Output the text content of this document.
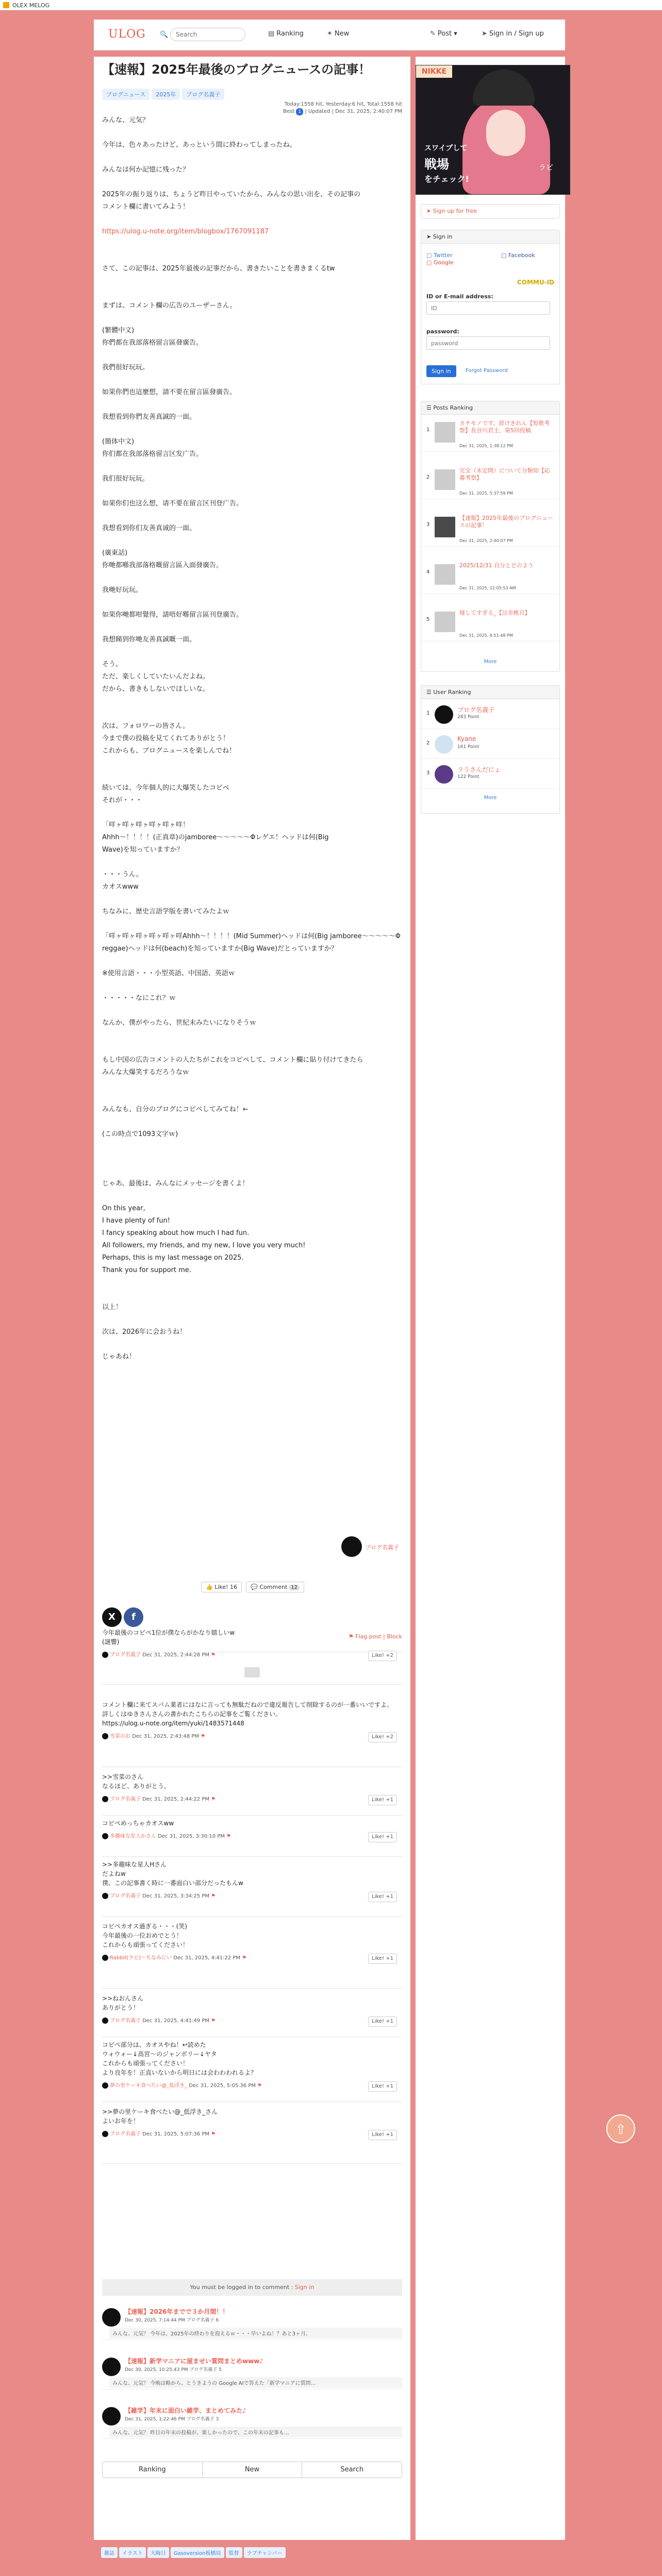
OLEX MELOG
ULOG 🔍
Search	▤ Ranking	✶ New	✎ Post ▾	➤ Sign in / Sign up
【速報】2025年最後のブログニュースの記事！
ブログニュース 2025年 ブログ名義子
Today:1558 hit, Yesterday:6 hit, Total:1558 hit
Best 1 | Updated | Dec 31, 2025, 2:40:07 PM

みんな、元気？

今年は、色々あったけど、あっという間に終わってしまったね。

みんなは何か記憶に残った？

2025年の振り返りは、ちょうど昨日やっていたから、みんなの思い出を、その記事の

コメント欄に書いてみよう！

https://ulog.u-note.org/item/blogbox/1767091187

さて、この記事は、2025年最後の記事だから、書きたいことを書きまくるtw

まずは、コメント欄の広告のユーザーさん。

(繁體中文)

你們都在我部落格留言區發廣告。

我們很好玩玩。

如果你們也這麼想，請不要在留言區發廣告。

我想看到你們友善真誠的一面。

(簡体中文)

你们都在我部落格留言区发广告。

我们很好玩玩。

如果你们也这么想，请不要在留言区刊登广告。

我想看到你们友善真诚的一面。

(廣東話)

你哋都喺我部落格嘅留言區入面發廣告。

我哋好玩玩。

如果你哋都咁覺得，請唔好喺留言區刊登廣告。

我想睇到你哋友善真誠嘅一面。

そう。

ただ、楽しくしていたいんだよね。

だから、書きもしないでほしいな。

次は、フォロワーの皆さん。

今まで僕の投稿を見てくれてありがとう！

これからも、ブログニュースを楽しんでね！

続いては、今年個人的に大爆笑したコピペ

それが・・・

「咩ヶ咩ヶ咩ヶ咩ヶ咩ヶ咩！

Ahhh〜！！！！(正真章)のjamboree〜〜〜〜〜Φレゲエ！ヘッドは何(Big

Wave)を知っていますか？

・・・うん。

カオスwww

ちなみに、歴史言語学版を書いてみたよｗ

「咩ヶ咩ヶ咩ヶ咩ヶ咩ヶ咩Ahhh〜！！！！(Mid Summer)ヘッドは何(Big jamboree〜〜〜〜〜Φ

reggae)ヘッドは何(beach)を知っていますか(Big Wave)だとっていますか？

※使用言語・・・小型英語、中国語、英語ｗ

・・・・・なにこれ？ｗ

なんか、僕がやったら、世紀末みたいになりそうｗ

もし中国の広告コメントの人たちがこれをコピペして、コメント欄に貼り付けてきたら

みんな大爆笑するだろうなｗ

みんなも、自分のブログにコピペしてみてね！←

(この時点で1093文字ｗ)

じゃあ、最後は、みんなにメッセージを書くよ！

On this year,

I have plenty of fun!

I fancy speaking about how much I had fun.

All followers, my friends, and my new, I love you very much!

Perhaps, this is my last message on 2025.

Thank you for support me.

以上！

次は、2026年に会おうね！

じゃあね！

ブログ名義子
👍 Like! 16 💬 Comment 12
X f
⚑ Flag post | Block
今年最後のコピペ1位が僕ならがかなり嬉しいw
(謎響)
ブログ名義子 Dec 31, 2025, 2:44:28 PM ⚑	Like! +2
コメント欄に来てスパム業者にはなに言っても無駄だねので違反報告して削除するのが一番いいですよ。
詳しくはゆきさんさんの書かれたこちらの記事をご覧ください。
https://ulog.u-note.org/item/yuki/1483571448
雪菜のお Dec 31, 2025, 2:43:48 PM ⚑	Like! +2
>>雪菜のさん
なるほど、ありがとう。
ブログ名義子 Dec 31, 2025, 2:44:22 PM ⚑	Like! +1
コピペめっちゃカオスww
多趣味な星人かさん Dec 31, 2025, 3:30:10 PM ⚑	Like! +1
>>多趣味な星人Hさん
だよねw
僕、この記事書く時に一番面白い部分だったもんw
ブログ名義子 Dec 31, 2025, 3:34:25 PM ⚑	Like! +1
コピペカオス過ぎる・・・(笑)
今年最後の一位おめでとう！
これからも頑張ってください！
Rabbit(ラビ)〜ちなみにい Dec 31, 2025, 4:41:22 PM ⚑	Like! +1
>>ねおんさん
ありがとう！
ブログ名義子 Dec 31, 2025, 4:41:49 PM ⚑	Like! +1
コピペ部分は、カオスやね！↩読めた
ウォウォー↓高宮〜のジャンボリー↓ヤタ
これからも頑張ってください！
より良年を！正直いないから明日には会わわわれるよ？
夢の里ケーキ食べたい@_低浮き_ Dec 31, 2025, 5:05:36 PM ⚑	Like! +1
>>夢の里ケーキ食べたい@_低浮き_さん
よいお年を！
ブログ名義子 Dec 31, 2025, 5:07:36 PM ⚑	Like! +1
You must be logged in to comment : Sign in
【速報】2026年までで３か月間！！
Dec 30, 2025, 7:14:44 PM ブログ名義子 6
みんな、元気？ 今年は、2025年の終わりを迎えるｗ・・・早いよね！？あと3ヶ月、
【速報】新学マニアに屋ませい質問まとめwww♪
Dec 30, 2025, 10:25:43 PM ブログ名義子 5
みんな、元気？ 今晩は略から、とうきようの Google AIで答えた「新学マニアに質問...
【雑学】年末に面白い雑学、まとめてみた♪
Dec 31, 2025, 1:22:46 PM ブログ名義子 3
みんな、元気？ 昨日の年末の投稿が、楽しかったので、この年末の記事も...
Ranking	New	Search
NIKKE
スワイプして
戦場
をチェック!
ラピ
➤ Sign up for free
➤ Sign in
▢ Twitter
▢ Google
▢ Facebook
COMMU-ID
ID or E-mail address:
ID
password:
password
Sign in	Forgot Password
☰ Posts Ranking
1
カチモノです。辞けきれん【短歌考察】長谷川君主、第5回投稿
Dec 31, 2025, 1:38:12 PM
2
完全（未定問）について分類知【応募考察】
Dec 31, 2025, 5:37:59 PM
3
【速報】2025年最後のブログニュースの記事！
Dec 31, 2025, 2:40:07 PM
4
2025/12/31 自分とどのよう
Dec 31, 2025, 12:05:53 AM
5
寝してすぎる_【泣赤桃日】
Dec 31, 2025, 6:51:48 PM
More
☰ User Ranking
1	ブログ名義子
283 Point
2
Kyane
161 Point
3	ラうさんだにょ
122 Point
More
雑誌 イラスト 大晦日 Gasoversion板橋局 監督 ラブチャンバー
⇧
